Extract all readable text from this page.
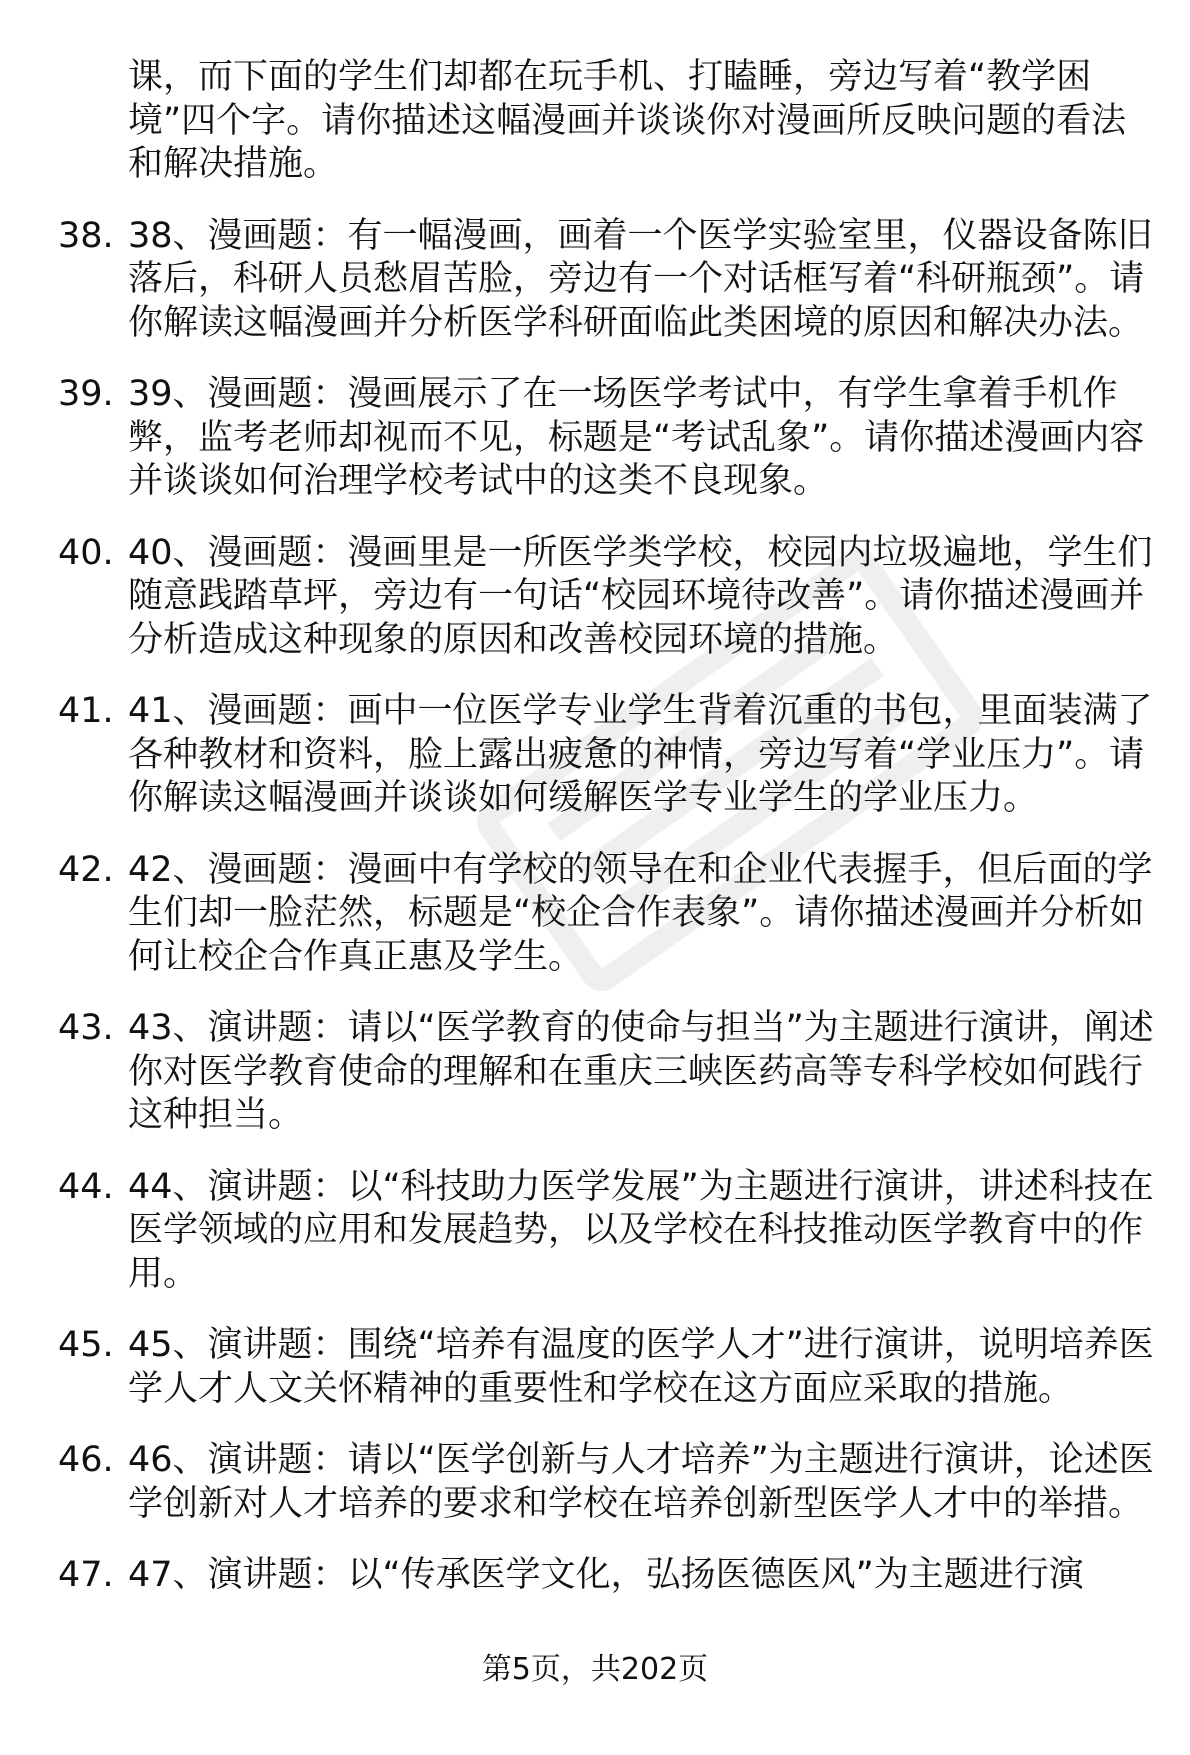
课，而下面的学生们却都在玩手机、打瞌睡，旁边写着“教学困境”四个字。请你描述这幅漫画并谈谈你对漫画所反映问题的看法和解决措施。
38. 38、漫画题：有一幅漫画，画着一个医学实验室里，仪器设备陈旧落后，科研人员愁眉苦脸，旁边有一个对话框写着“科研瓶颈”。请你解读这幅漫画并分析医学科研面临此类困境的原因和解决办法。
39. 39、漫画题：漫画展示了在一场医学考试中，有学生拿着手机作弊，监考老师却视而不见，标题是“考试乱象”。请你描述漫画内容并谈谈如何治理学校考试中的这类不良现象。
40. 40、漫画题：漫画里是一所医学类学校，校园内垃圾遍地，学生们随意践踏草坪，旁边有一句话“校园环境待改善”。请你描述漫画并分析造成这种现象的原因和改善校园环境的措施。
41. 41、漫画题：画中一位医学专业学生背着沉重的书包，里面装满了各种教材和资料，脸上露出疲惫的神情，旁边写着“学业压力”。请你解读这幅漫画并谈谈如何缓解医学专业学生的学业压力。
42. 42、漫画题：漫画中有学校的领导在和企业代表握手，但后面的学生们却一脸茫然，标题是“校企合作表象”。请你描述漫画并分析如何让校企合作真正惠及学生。
43. 43、演讲题：请以“医学教育的使命与担当”为主题进行演讲，阐述你对医学教育使命的理解和在重庆三峡医药高等专科学校如何践行这种担当。
44. 44、演讲题：以“科技助力医学发展”为主题进行演讲，讲述科技在医学领域的应用和发展趋势，以及学校在科技推动医学教育中的作用。
45. 45、演讲题：围绕“培养有温度的医学人才”进行演讲，说明培养医学人才人文关怀精神的重要性和学校在这方面应采取的措施。
46. 46、演讲题：请以“医学创新与人才培养”为主题进行演讲，论述医学创新对人才培养的要求和学校在培养创新型医学人才中的举措。
47. 47、演讲题：以“传承医学文化，弘扬医德医风”为主题进行演
第5页，共202页
